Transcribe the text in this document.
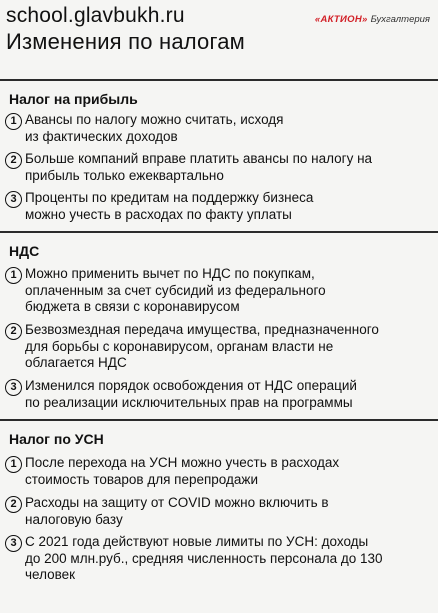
school.glavbukh.ru
Изменения по налогам
«АКТИОН» Бухгалтерия
Налог на прибыль
1 Авансы по налогу можно считать, исходя
из фактических доходов
2 Больше компаний вправе платить авансы по налогу на
прибыль только ежеквартально
3 Проценты по кредитам на поддержку бизнеса
можно учесть в расходах по факту уплаты
НДС
1 Можно применить вычет по НДС по покупкам,
оплаченным за счет субсидий из федерального
бюджета в связи с коронавирусом
2 Безвозмездная передача имущества, предназначенного
для борьбы с коронавирусом, органам власти не
облагается НДС
3 Изменился порядок освобождения от НДС операций
по реализации исключительных прав на программы
Налог по УСН
1 После перехода на УСН можно учесть в расходах
стоимость товаров для перепродажи
2 Расходы на защиту от COVID можно включить в
налоговую базу
3 С 2021 года действуют новые лимиты по УСН: доходы
до 200 млн.руб., средняя численность персонала до 130
человек
